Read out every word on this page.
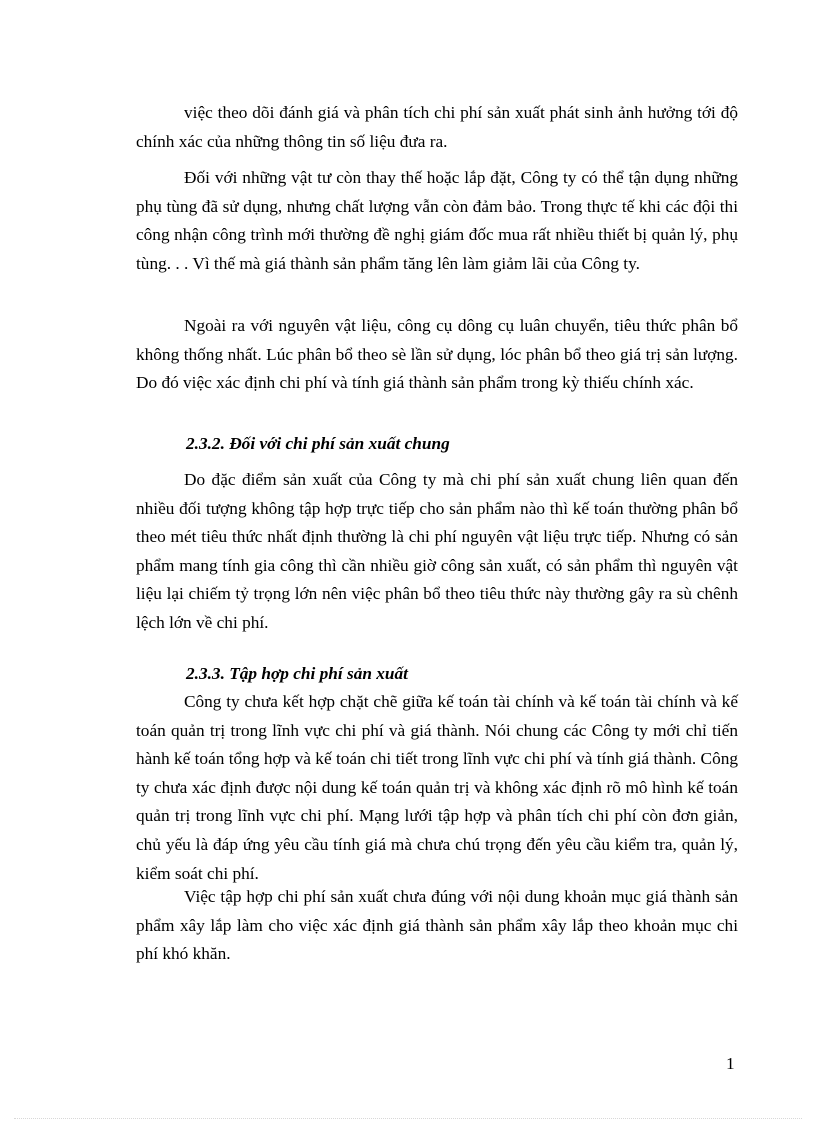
việc theo dõi đánh giá và phân tích chi phí sản xuất phát sinh ảnh hưởng tới độ chính xác của những thông tin số liệu đưa ra.

Đối với những vật tư còn thay thế hoặc lắp đặt, Công ty có thể tận dụng những phụ tùng đã sử dụng, nhưng chất lượng vẫn còn đảm bảo. Trong thực tế khi các đội thi công nhận công trình mới thường đề nghị giám đốc mua rất nhiều thiết bị quản lý, phụ tùng. . . Vì thế mà giá thành sản phẩm tăng lên làm giảm lãi của Công ty.

Ngoài ra với nguyên vật liệu, công cụ dông cụ luân chuyển, tiêu thức phân bổ không thống nhất. Lúc phân bổ theo sè lần sử dụng, lóc phân bổ theo giá trị sản lượng. Do đó việc xác định chi phí và tính giá thành sản phẩm trong kỳ thiếu chính xác.

2.3.2. Đối với chi phí sản xuất chung

Do đặc điểm sản xuất của Công ty mà chi phí sản xuất chung liên quan đến nhiều đối tượng không tập hợp trực tiếp cho sản phẩm nào thì kế toán thường phân bổ theo mét tiêu thức nhất định thường là chi phí nguyên vật liệu trực tiếp. Nhưng có sản phẩm mang tính gia công thì cần nhiều giờ công sản xuất, có sản phẩm thì nguyên vật liệu lại chiếm tỷ trọng lớn nên việc phân bổ theo tiêu thức này thường gây ra sù chênh lệch lớn về chi phí.

2.3.3. Tập hợp chi phí sản xuất

Công ty chưa kết hợp chặt chẽ giữa kế toán tài chính và kế toán tài chính và kế toán quản trị trong lĩnh vực chi phí và giá thành. Nói chung các Công ty mới chỉ tiến hành kế toán tổng hợp và kế toán chi tiết trong lĩnh vực chi phí và tính giá thành. Công ty chưa xác định được nội dung kế toán quản trị và không xác định rõ mô hình kế toán quản trị trong lĩnh vực chi phí. Mạng lưới tập hợp và phân tích chi phí còn đơn giản, chủ yếu là đáp ứng yêu cầu tính giá mà chưa chú trọng đến yêu cầu kiểm tra, quản lý, kiểm soát chi phí.

Việc tập hợp chi phí sản xuất chưa đúng với nội dung khoản mục giá thành sản phẩm xây lắp làm cho việc xác định giá thành sản phẩm xây lắp theo khoản mục chi phí khó khăn.

1
